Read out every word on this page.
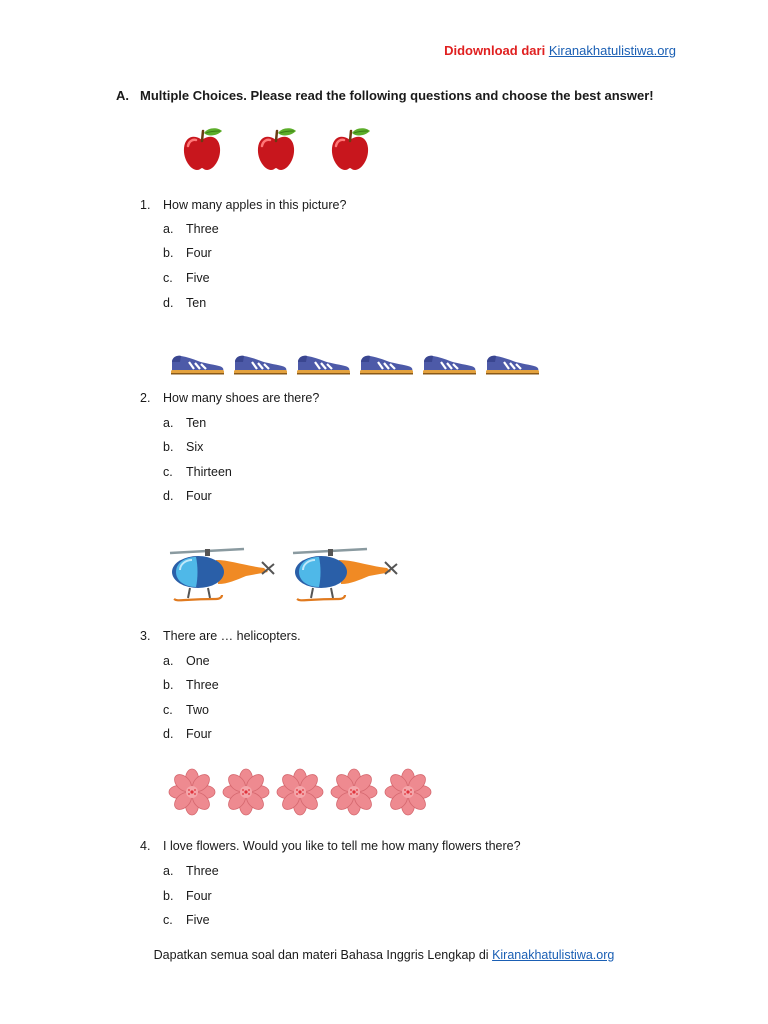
Didownload dari Kiranakhatulistiwa.org
A. Multiple Choices. Please read the following questions and choose the best answer!
1. How many apples in this picture?
a. Three
b. Four
c. Five
d. Ten
2. How many shoes are there?
a. Ten
b. Six
c. Thirteen
d. Four
3. There are … helicopters.
a. One
b. Three
c. Two
d. Four
4. I love flowers. Would you like to tell me how many flowers there?
a. Three
b. Four
c. Five
Dapatkan semua soal dan materi Bahasa Inggris Lengkap di Kiranakhatulistiwa.org
